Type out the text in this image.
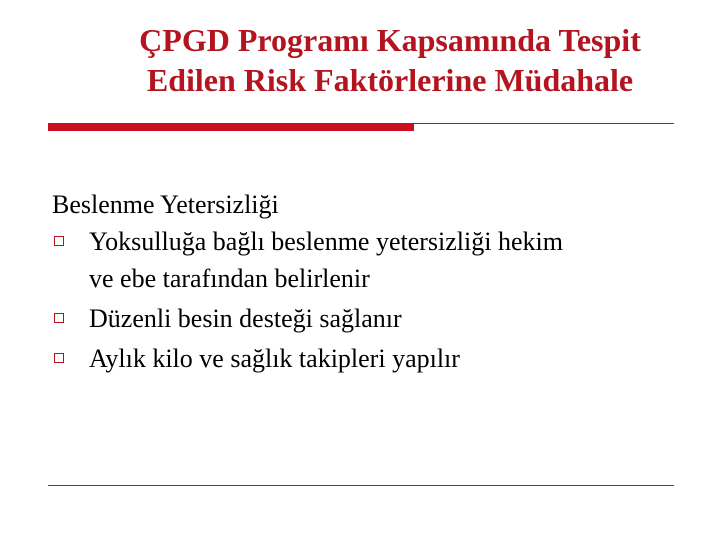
ÇPGD Programı Kapsamında Tespit
Edilen Risk Faktörlerine Müdahale
Beslenme Yetersizliği
Yoksulluğa bağlı beslenme yetersizliği hekim
ve ebe tarafından belirlenir
Düzenli besin desteği sağlanır
Aylık kilo ve sağlık takipleri yapılır
